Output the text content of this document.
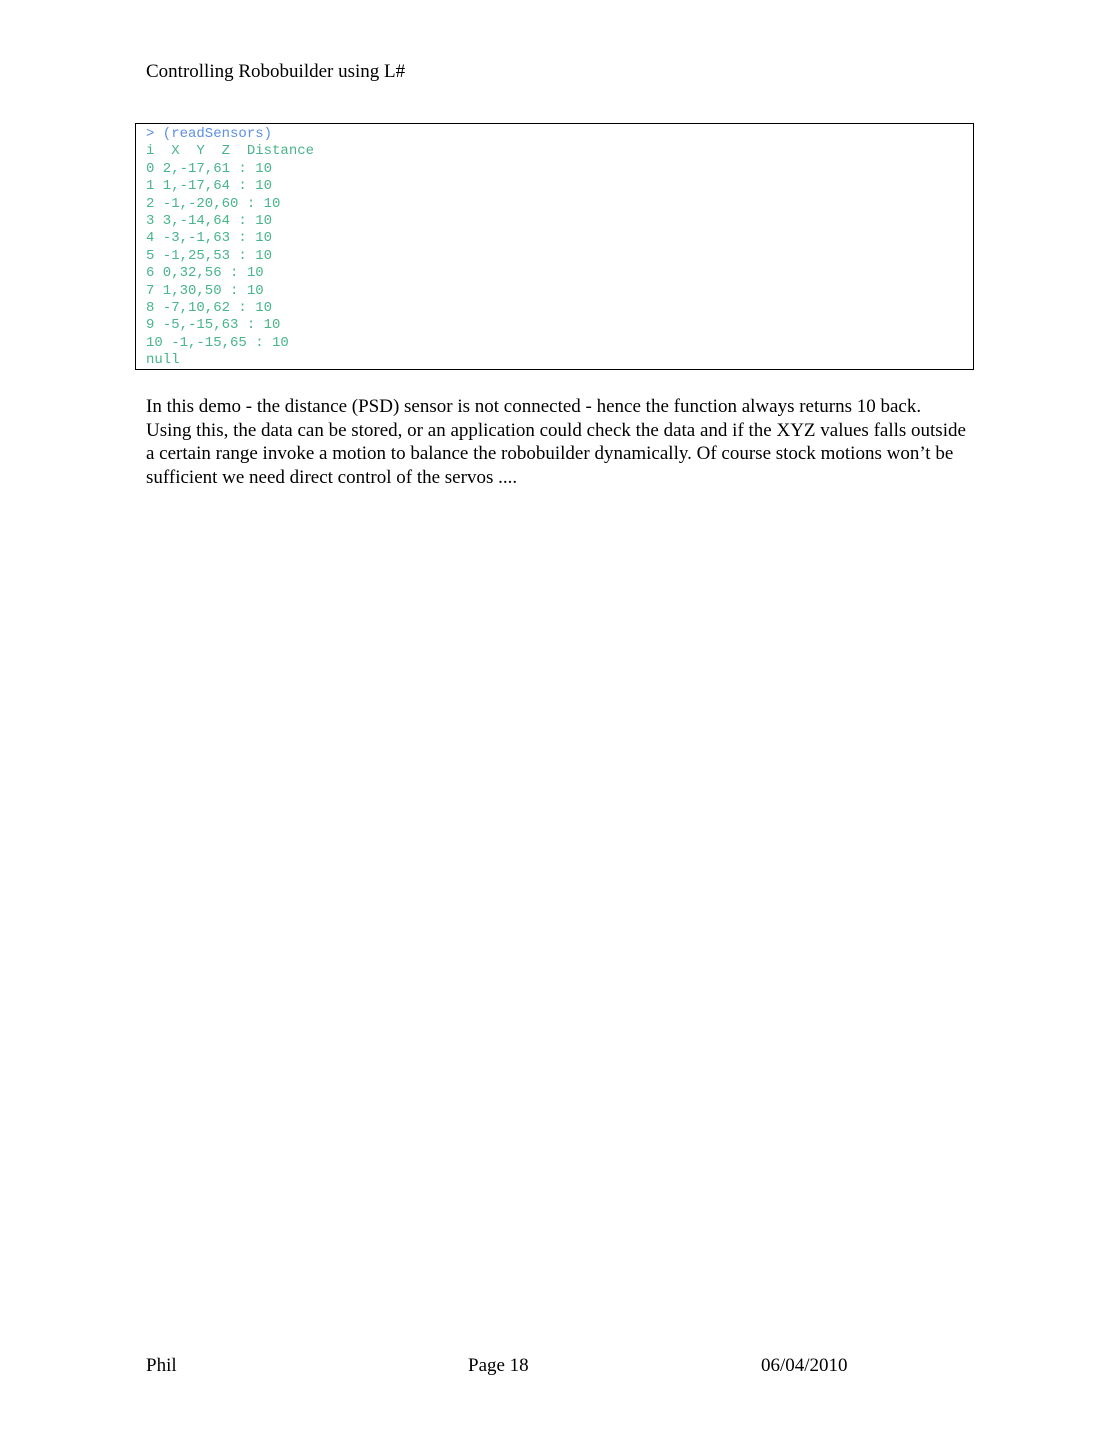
Controlling Robobuilder using L#
> (readSensors)
i  X  Y  Z  Distance
0 2,-17,61 : 10
1 1,-17,64 : 10
2 -1,-20,60 : 10
3 3,-14,64 : 10
4 -3,-1,63 : 10
5 -1,25,53 : 10
6 0,32,56 : 10
7 1,30,50 : 10
8 -7,10,62 : 10
9 -5,-15,63 : 10
10 -1,-15,65 : 10
null

In this demo - the distance (PSD) sensor is not connected - hence the function always returns 10 back. Using this, the data can be stored, or an application could check the data and if the XYZ values falls outside a certain range invoke a motion to balance the robobuilder dynamically. Of course stock motions won’t be sufficient we need direct control of the servos ....

Phil	Page 18	06/04/2010
